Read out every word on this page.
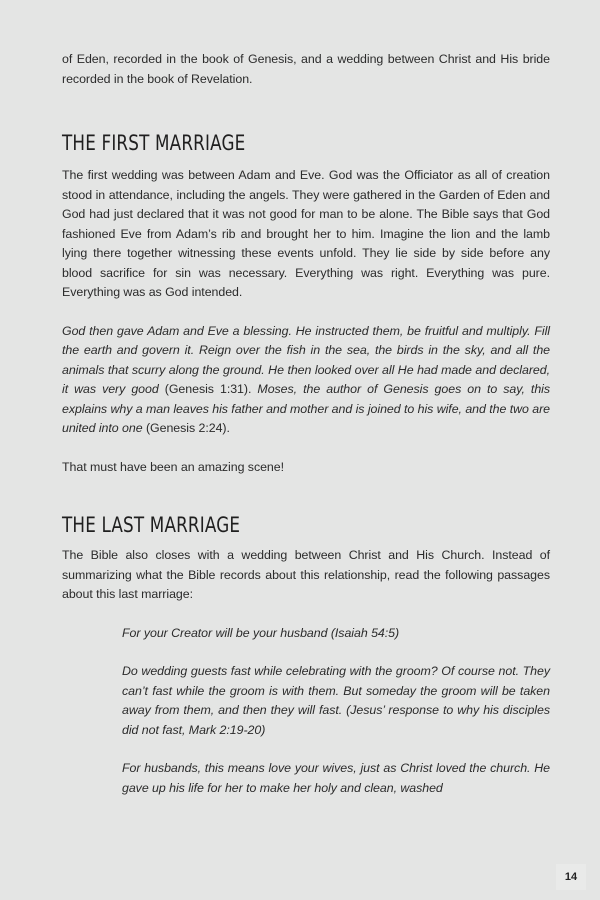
of Eden, recorded in the book of Genesis, and a wedding between Christ and His bride recorded in the book of Revelation.

THE FIRST MARRIAGE

The first wedding was between Adam and Eve. God was the Officiator as all of creation stood in attendance, including the angels. They were gathered in the Garden of Eden and God had just declared that it was not good for man to be alone. The Bible says that God fashioned Eve from Adam’s rib and brought her to him. Imagine the lion and the lamb lying there together witnessing these events unfold. They lie side by side before any blood sacrifice for sin was necessary. Everything was right. Everything was pure. Everything was as God intended.

God then gave Adam and Eve a blessing. He instructed them, be fruitful and multiply. Fill the earth and govern it. Reign over the fish in the sea, the birds in the sky, and all the animals that scurry along the ground. He then looked over all He had made and declared, it was very good (Genesis 1:31). Moses, the author of Genesis goes on to say, this explains why a man leaves his father and mother and is joined to his wife, and the two are united into one (Genesis 2:24).

That must have been an amazing scene!

THE LAST MARRIAGE

The Bible also closes with a wedding between Christ and His Church. Instead of summarizing what the Bible records about this relationship, read the following passages about this last marriage:

For your Creator will be your husband (Isaiah 54:5)

Do wedding guests fast while celebrating with the groom? Of course not. They can’t fast while the groom is with them. But someday the groom will be taken away from them, and then they will fast. (Jesus’ response to why his disciples did not fast, Mark 2:19-20)

For husbands, this means love your wives, just as Christ loved the church. He gave up his life for her to make her holy and clean, washed

14
